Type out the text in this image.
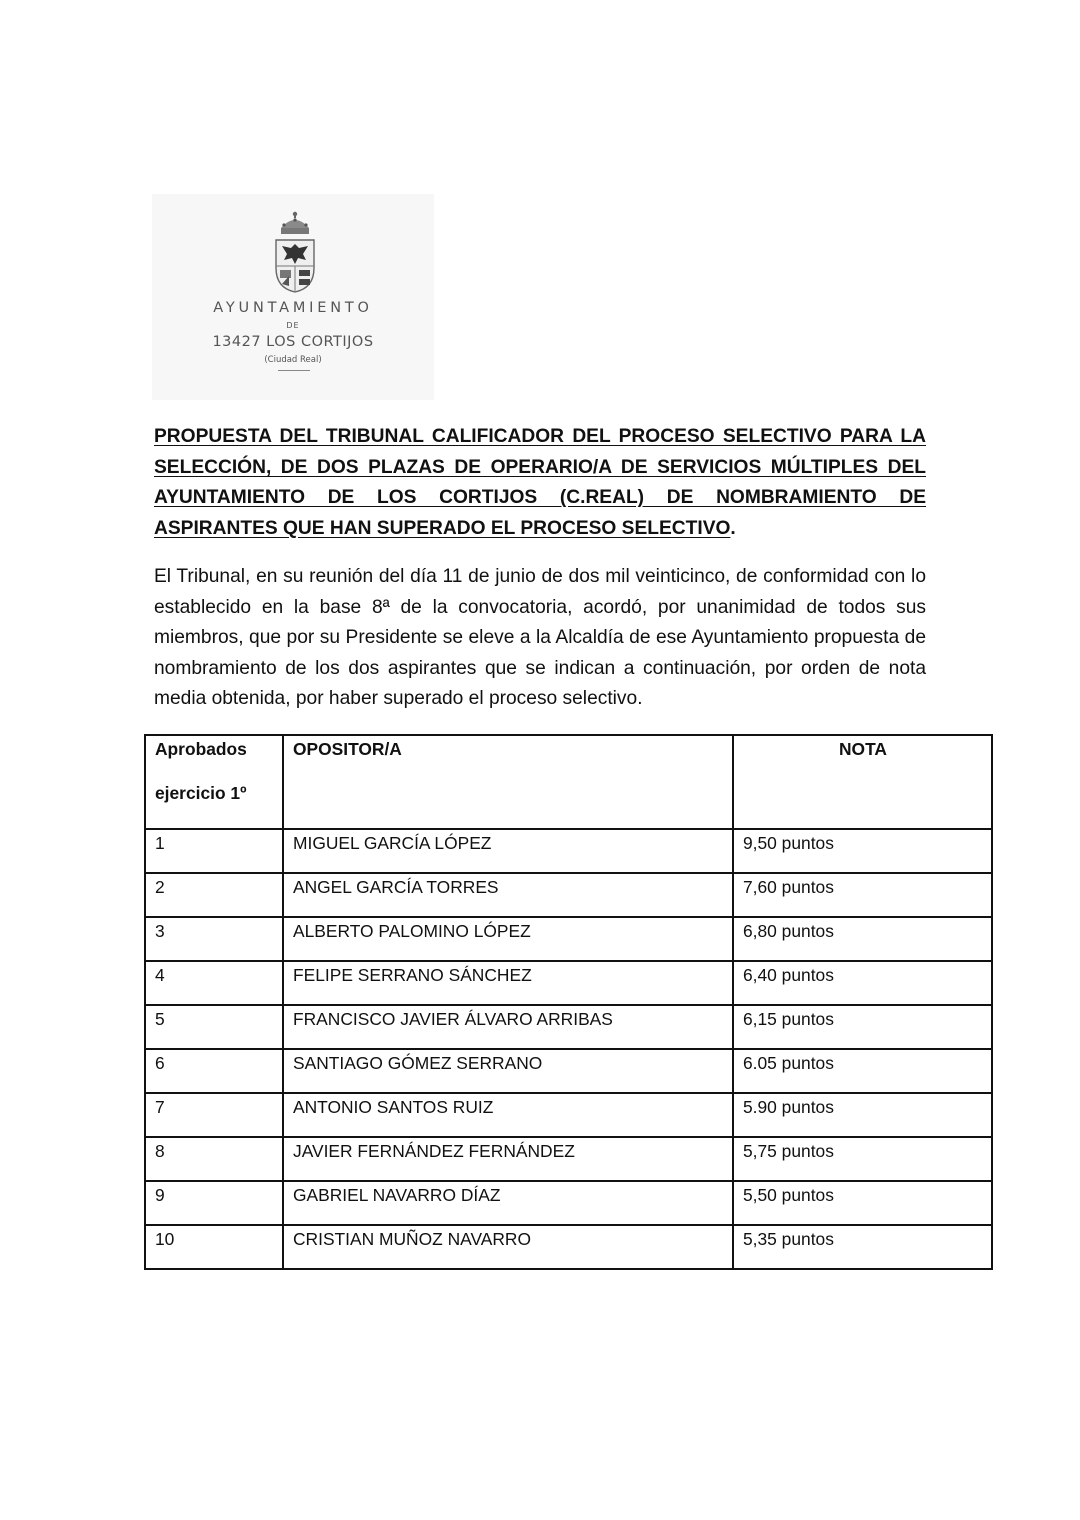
AYUNTAMIENTO
DE
13427 LOS CORTIJOS
(Ciudad Real)
PROPUESTA DEL TRIBUNAL CALIFICADOR DEL PROCESO SELECTIVO PARA LA SELECCIÓN, DE DOS PLAZAS DE OPERARIO/A DE SERVICIOS MÚLTIPLES DEL AYUNTAMIENTO DE LOS CORTIJOS (C.REAL) DE NOMBRAMIENTO DE ASPIRANTES QUE HAN SUPERADO EL PROCESO SELECTIVO.
El Tribunal, en su reunión del día 11 de junio de dos mil veinticinco, de conformidad con lo establecido en la base 8ª de la convocatoria, acordó, por unanimidad de todos sus miembros, que por su Presidente se eleve a la Alcaldía de ese Ayuntamiento propuesta de nombramiento de los dos aspirantes que se indican a continuación, por orden de nota media obtenida, por haber superado el proceso selectivo.
Aprobados
ejercicio 1º	OPOSITOR/A	NOTA
1	MIGUEL GARCÍA LÓPEZ	9,50 puntos
2	ANGEL GARCÍA TORRES	7,60 puntos
3	ALBERTO PALOMINO LÓPEZ	6,80 puntos
4	FELIPE SERRANO SÁNCHEZ	6,40 puntos
5	FRANCISCO JAVIER ÁLVARO ARRIBAS	6,15 puntos
6	SANTIAGO GÓMEZ SERRANO	6.05 puntos
7	ANTONIO SANTOS RUIZ	5.90 puntos
8	JAVIER FERNÁNDEZ FERNÁNDEZ	5,75 puntos
9	GABRIEL NAVARRO DÍAZ	5,50 puntos
10	CRISTIAN MUÑOZ NAVARRO	5,35 puntos
